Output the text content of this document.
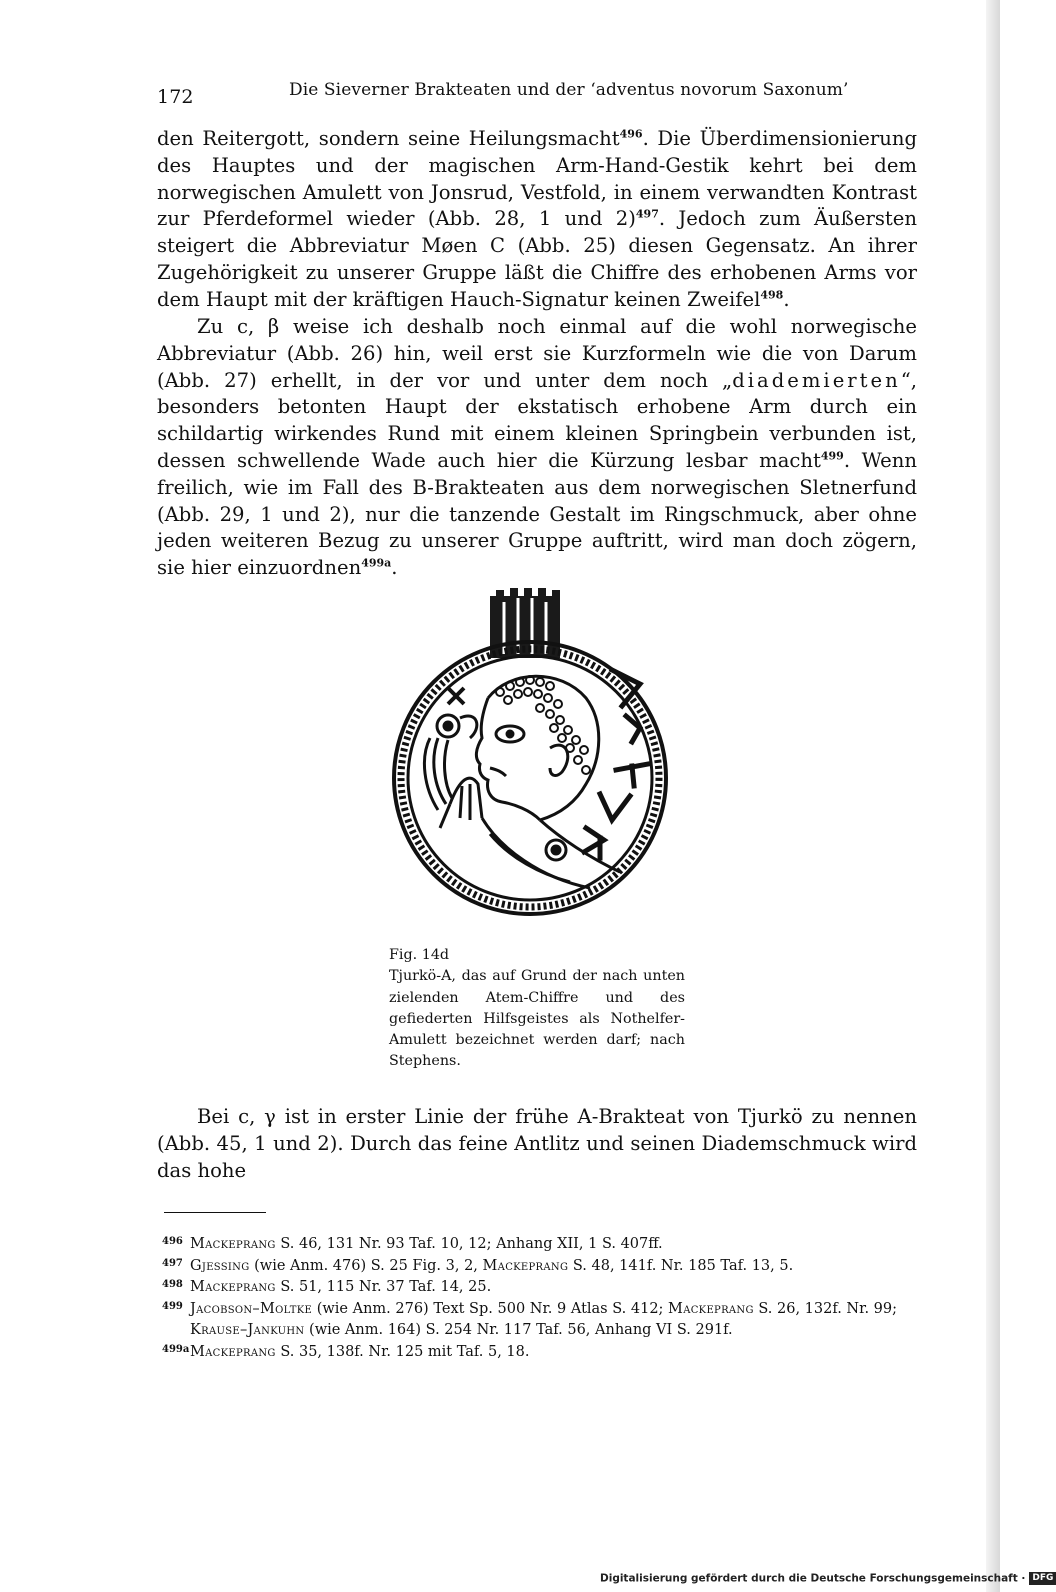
172	Die Sieverner Brakteaten und der ‘adventus novorum Saxonum’

den Reitergott, sondern seine Heilungsmacht$^{496}$. Die Überdimensionierung des Hauptes und der magischen Arm-Hand-Gestik kehrt bei dem norwegischen Amulett von Jonsrud, Vestfold, in einem verwandten Kontrast zur Pferdeformel wieder (Abb. 28, 1 und 2)$^{497}$. Jedoch zum Äußersten steigert die Abbreviatur Møen C (Abb. 25) diesen Gegensatz. An ihrer Zugehörigkeit zu unserer Gruppe läßt die Chiffre des erhobenen Arms vor dem Haupt mit der kräftigen Hauch-Signatur keinen Zweifel$^{498}$.

Zu c, β weise ich deshalb noch einmal auf die wohl norwegische Abbreviatur (Abb. 26) hin, weil erst sie Kurzformeln wie die von Darum (Abb. 27) erhellt, in der vor und unter dem noch „diademierten“, besonders betonten Haupt der ekstatisch erhobene Arm durch ein schildartig wirkendes Rund mit einem kleinen Springbein verbunden ist, dessen schwellende Wade auch hier die Kürzung lesbar macht$^{499}$. Wenn freilich, wie im Fall des B-Brakteaten aus dem norwegischen Sletnerfund (Abb. 29, 1 und 2), nur die tanzende Gestalt im Ringschmuck, aber ohne jeden weiteren Bezug zu unserer Gruppe auftritt, wird man doch zögern, sie hier einzuordnen$^{499a}$.

Fig. 14d
Tjurkö-A, das auf Grund der nach unten zielenden Atem-Chiffre und des gefiederten Hilfsgeistes als Nothelfer-Amulett bezeichnet werden darf; nach Stephens.

Bei c, γ ist in erster Linie der frühe A-Brakteat von Tjurkö zu nennen (Abb. 45, 1 und 2). Durch das feine Antlitz und seinen Diademschmuck wird das hohe

496 Mackeprang S. 46, 131 Nr. 93 Taf. 10, 12; Anhang XII, 1 S. 407ff.

497 Gjessing (wie Anm. 476) S. 25 Fig. 3, 2, Mackeprang S. 48, 141f. Nr. 185 Taf. 13, 5.

498 Mackeprang S. 51, 115 Nr. 37 Taf. 14, 25.

499 Jacobson–Moltke (wie Anm. 276) Text Sp. 500 Nr. 9 Atlas S. 412; Mackeprang S. 26, 132f. Nr. 99; Krause–Jankuhn (wie Anm. 164) S. 254 Nr. 117 Taf. 56, Anhang VI S. 291f.

499a Mackeprang S. 35, 138f. Nr. 125 mit Taf. 5, 18.

Digitalisierung gefördert durch die Deutsche Forschungsgemeinschaft · DFG
